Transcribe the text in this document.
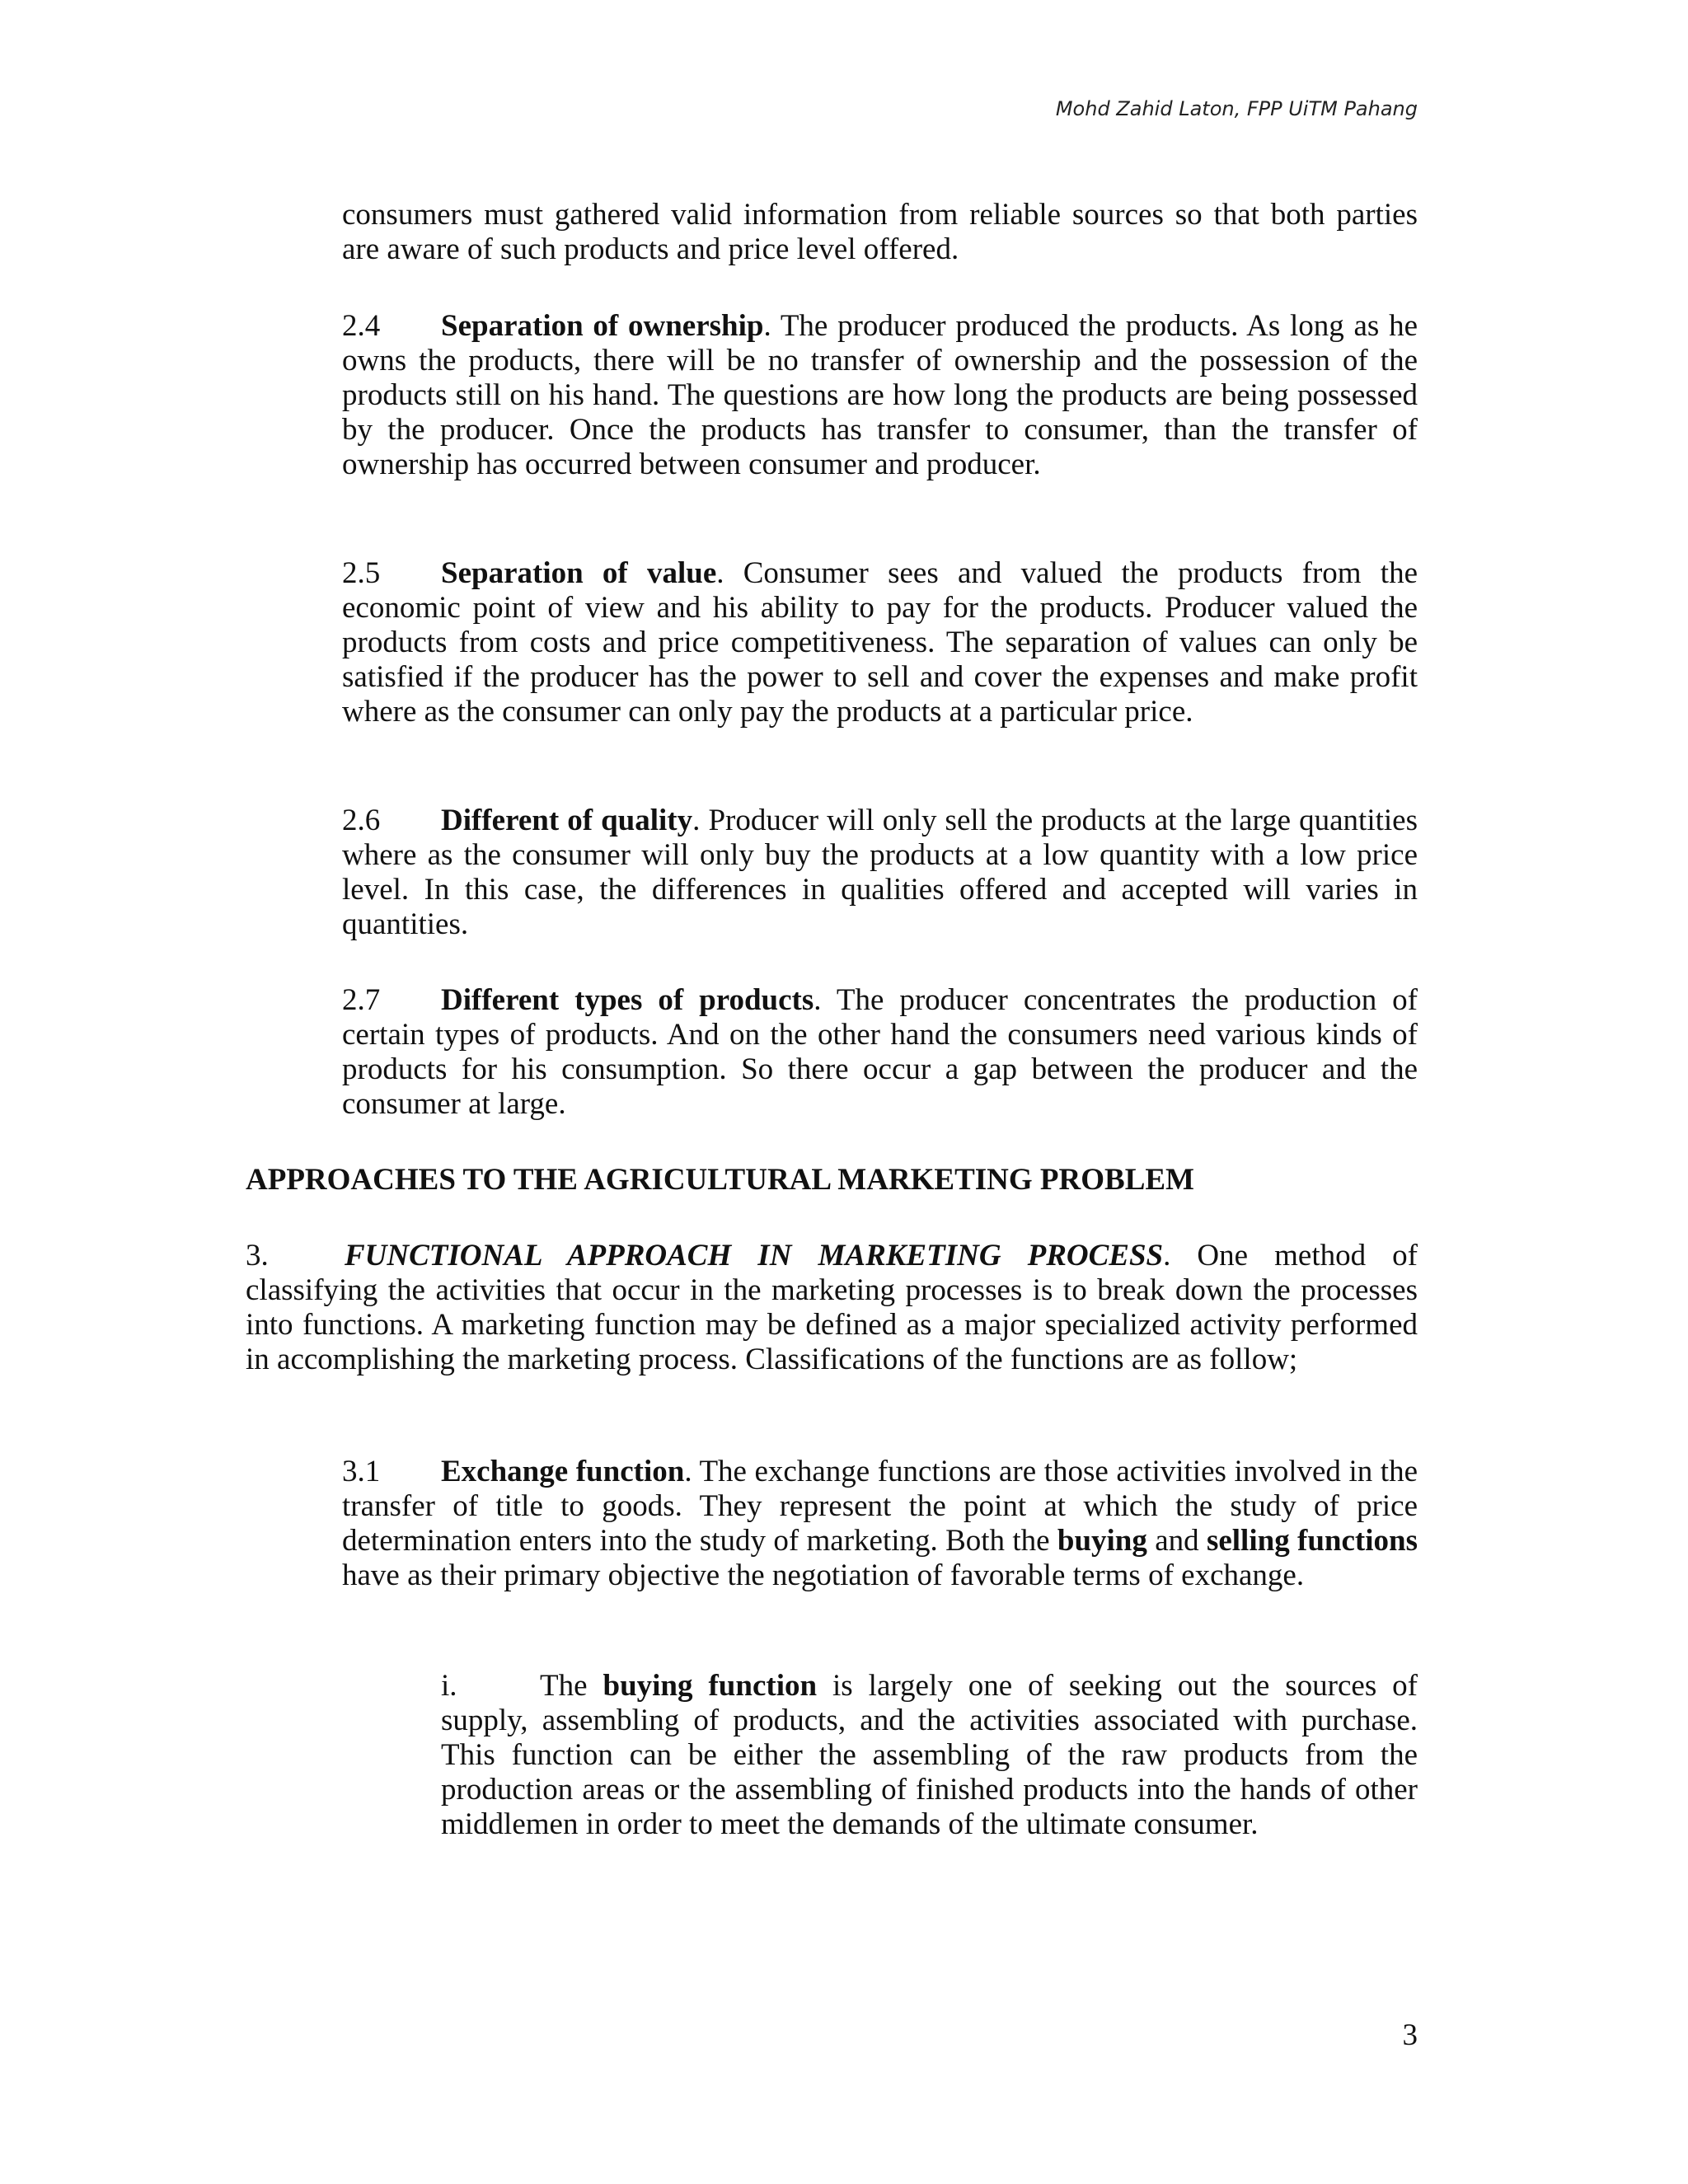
Mohd Zahid Laton, FPP UiTM Pahang

consumers must gathered valid information from reliable sources so that both parties are aware of such products and price level offered.

2.4 Separation of ownership. The producer produced the products. As long as he owns the products, there will be no transfer of ownership and the possession of the products still on his hand. The questions are how long the products are being possessed by the producer. Once the products has transfer to consumer, than the transfer of ownership has occurred between consumer and producer.

2.5 Separation of value. Consumer sees and valued the products from the economic point of view and his ability to pay for the products. Producer valued the products from costs and price competitiveness. The separation of values can only be satisfied if the producer has the power to sell and cover the expenses and make profit where as the consumer can only pay the products at a particular price.

2.6 Different of quality. Producer will only sell the products at the large quantities where as the consumer will only buy the products at a low quantity with a low price level. In this case, the differences in qualities offered and accepted will varies in quantities.

2.7 Different types of products. The producer concentrates the production of certain types of products. And on the other hand the consumers need various kinds of products for his consumption. So there occur a gap between the producer and the consumer at large.

APPROACHES TO THE AGRICULTURAL MARKETING PROBLEM

3. FUNCTIONAL APPROACH IN MARKETING PROCESS. One method of classifying the activities that occur in the marketing processes is to break down the processes into functions. A marketing function may be defined as a major specialized activity performed in accomplishing the marketing process. Classifications of the functions are as follow;

3.1 Exchange function. The exchange functions are those activities involved in the transfer of title to goods. They represent the point at which the study of price determination enters into the study of marketing. Both the buying and selling functions have as their primary objective the negotiation of favorable terms of exchange.

i.	The buying function is largely one of seeking out the sources of supply, assembling of products, and the activities associated with purchase. This function can be either the assembling of the raw products from the production areas or the assembling of finished products into the hands of other middlemen in order to meet the demands of the ultimate consumer.

3
